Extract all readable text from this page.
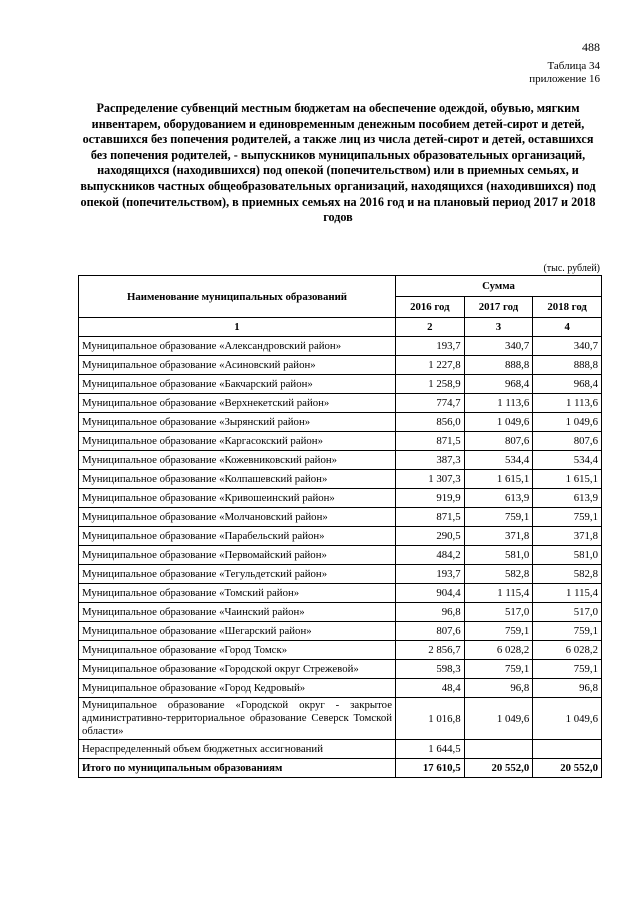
488
Таблица 34
приложение 16

Распределение субвенций местным бюджетам на обеспечение одеждой, обувью, мягким инвентарем, оборудованием и единовременным денежным пособием детей-сирот и детей, оставшихся без попечения родителей, а также лиц из числа детей-сирот и детей, оставшихся без попечения родителей, - выпускников муниципальных образовательных организаций, находящихся (находившихся) под опекой (попечительством) или в приемных семьях, и выпускников частных общеобразовательных организаций, находящихся (находившихся) под опекой (попечительством), в приемных семьях на 2016 год и на плановый период 2017 и 2018 годов

(тыс. рублей)
Наименование муниципальных образований	Сумма		
	2016 год	2017 год	2018 год
1	2	3	4
Муниципальное образование «Александровский район»	193,7	340,7	340,7
Муниципальное образование «Асиновский район»	1 227,8	888,8	888,8
Муниципальное образование «Бакчарский район»	1 258,9	968,4	968,4
Муниципальное образование «Верхнекетский район»	774,7	1 113,6	1 113,6
Муниципальное образование «Зырянский район»	856,0	1 049,6	1 049,6
Муниципальное образование «Каргасокский район»	871,5	807,6	807,6
Муниципальное образование «Кожевниковский район»	387,3	534,4	534,4
Муниципальное образование «Колпашевский район»	1 307,3	1 615,1	1 615,1
Муниципальное образование «Кривошеинский район»	919,9	613,9	613,9
Муниципальное образование «Молчановский район»	871,5	759,1	759,1
Муниципальное образование «Парабельский район»	290,5	371,8	371,8
Муниципальное образование «Первомайский район»	484,2	581,0	581,0
Муниципальное образование «Тегульдетский район»	193,7	582,8	582,8
Муниципальное образование «Томский район»	904,4	1 115,4	1 115,4
Муниципальное образование «Чаинский район»	96,8	517,0	517,0
Муниципальное образование «Шегарский район»	807,6	759,1	759,1
Муниципальное образование «Город Томск»	2 856,7	6 028,2	6 028,2
Муниципальное образование «Городской округ Стрежевой»	598,3	759,1	759,1
Муниципальное образование «Город Кедровый»	48,4	96,8	96,8
Муниципальное образование «Городской округ - закрытое административно-территориальное образование Северск Томской области»	1 016,8	1 049,6	1 049,6
Нераспределенный объем бюджетных ассигнований	1 644,5		
Итого по муниципальным образованиям	17 610,5	20 552,0	20 552,0
